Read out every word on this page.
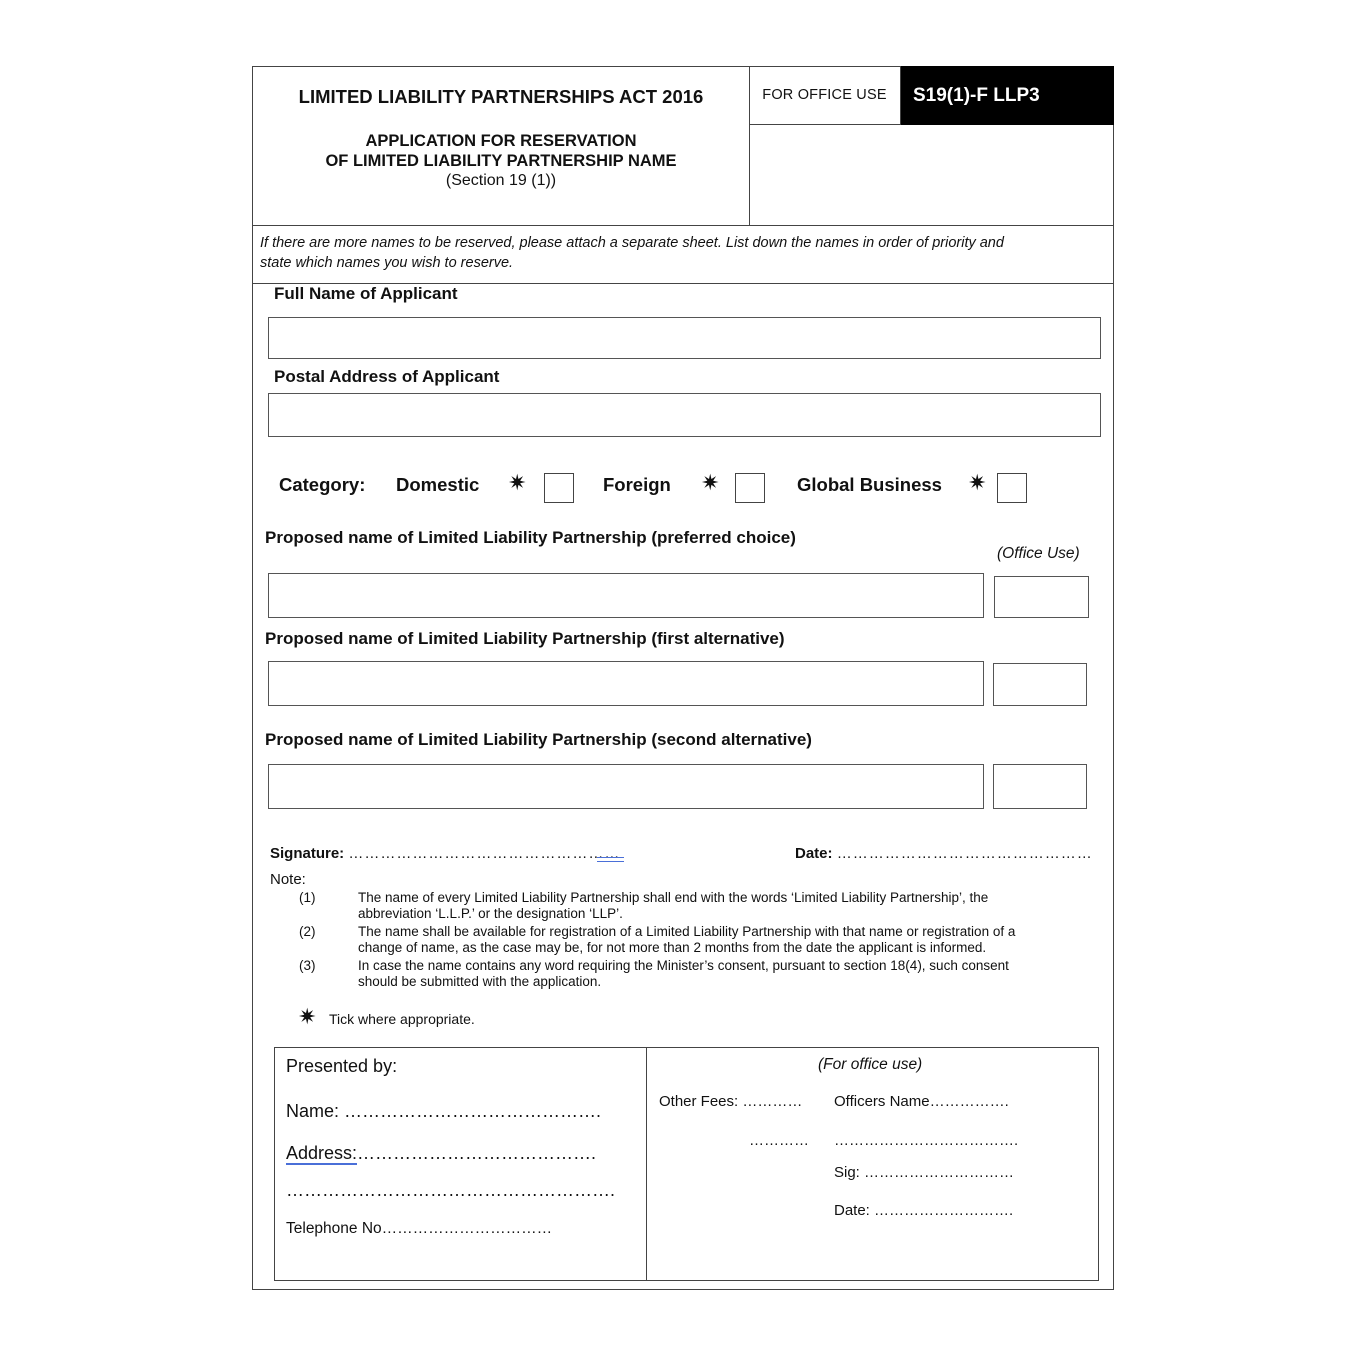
FOR OFFICE USE	S19(1)-F LLP3
LIMITED LIABILITY PARTNERSHIPS ACT 2016
APPLICATION FOR RESERVATION
OF LIMITED LIABILITY PARTNERSHIP NAME
(Section 19 (1))
If there are more names to be reserved, please attach a separate sheet. List down the names in order of priority and
state which names you wish to reserve.
Full Name of Applicant
Postal Address of Applicant
Category: Domestic ✷	Foreign ✷	Global Business ✷
Proposed name of Limited Liability Partnership (preferred choice)
(Office Use)
Proposed name of Limited Liability Partnership (first alternative)
Proposed name of Limited Liability Partnership (second alternative)
Signature: ……………………………………………	Date: …………………………………………
Note:
(1)	The name of every Limited Liability Partnership shall end with the words ‘Limited Liability Partnership’, the
abbreviation ‘L.L.P.’ or the designation ‘LLP’.
(2)	The name shall be available for registration of a Limited Liability Partnership with that name or registration of a
change of name, as the case may be, for not more than 2 months from the date the applicant is informed.
(3)	In case the name contains any word requiring the Minister’s consent, pursuant to section 18(4), such consent
should be submitted with the application.
✷ Tick where appropriate.
Presented by:
Name: …………………………………….
Address:………………………………….
……………………………………………….
Telephone No……………………………
(For office use)
Other Fees: …………
…………
Officers Name…………….
……………………………….
Sig: …………………………
Date: ……………………….
